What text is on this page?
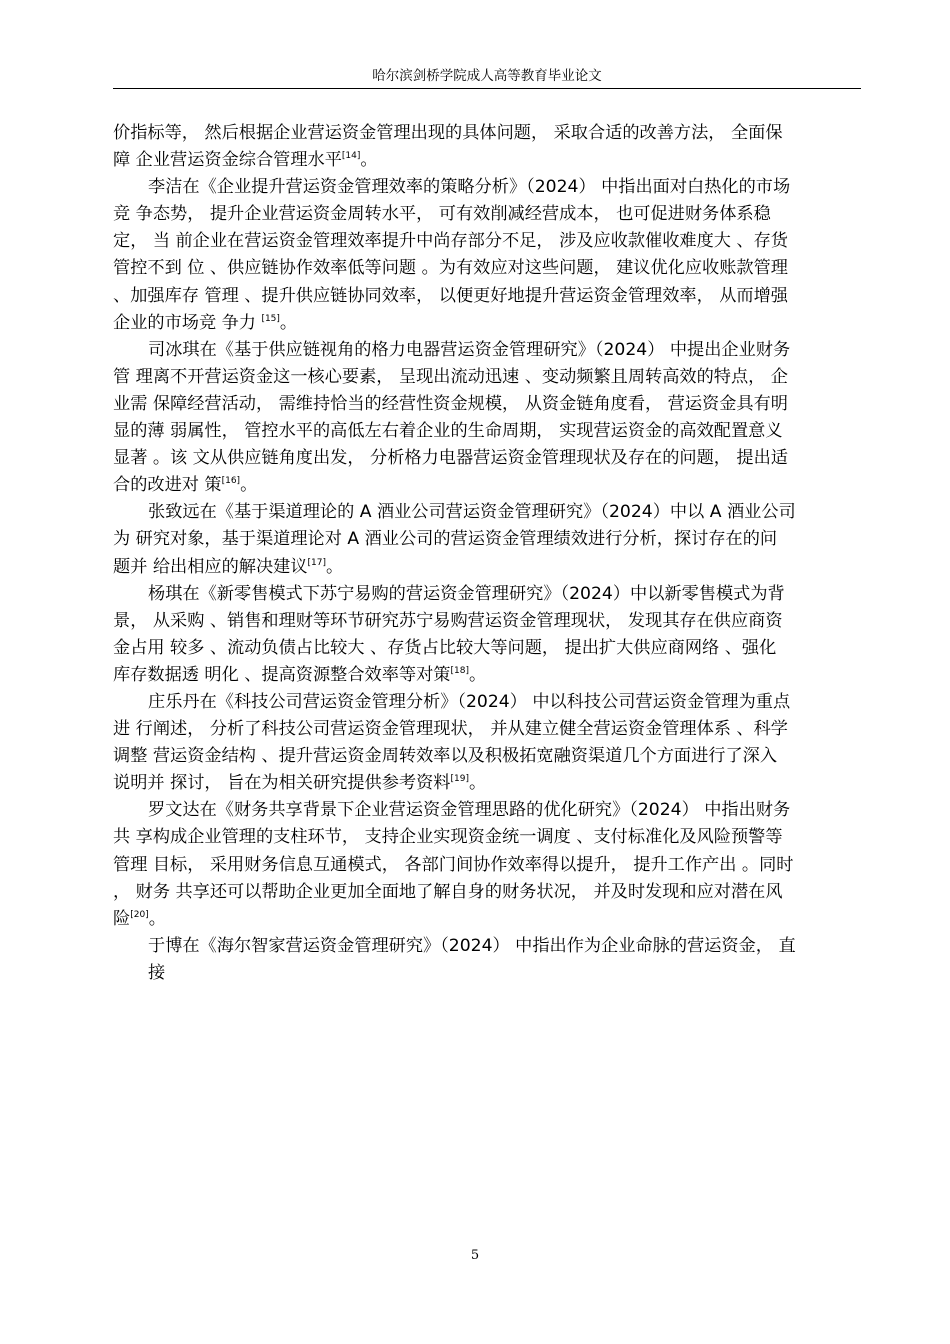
哈尔滨剑桥学院成人高等教育毕业论文

价指标等， 然后根据企业营运资金管理出现的具体问题， 采取合适的改善方法， 全面保
障 企业营运资金综合管理水平[14]。

李洁在《企业提升营运资金管理效率的策略分析》（2024） 中指出面对白热化的市场
竞 争态势， 提升企业营运资金周转水平， 可有效削减经营成本， 也可促进财务体系稳
定， 当 前企业在营运资金管理效率提升中尚存部分不足， 涉及应收款催收难度大 、存货
管控不到 位 、供应链协作效率低等问题 。为有效应对这些问题， 建议优化应收账款管理
、加强库存 管理 、提升供应链协同效率， 以便更好地提升营运资金管理效率， 从而增强
企业的市场竞 争力 [15]。

司冰琪在《基于供应链视角的格力电器营运资金管理研究》（2024） 中提出企业财务
管 理离不开营运资金这一核心要素， 呈现出流动迅速 、变动频繁且周转高效的特点， 企
业需 保障经营活动， 需维持恰当的经营性资金规模， 从资金链角度看， 营运资金具有明
显的薄 弱属性， 管控水平的高低左右着企业的生命周期， 实现营运资金的高效配置意义
显著 。该 文从供应链角度出发， 分析格力电器营运资金管理现状及存在的问题， 提出适
合的改进对 策[16]。

张致远在《基于渠道理论的 A 酒业公司营运资金管理研究》（2024）中以 A 酒业公司
为 研究对象，基于渠道理论对 A 酒业公司的营运资金管理绩效进行分析，探讨存在的问
题并 给出相应的解决建议[17]。

杨琪在《新零售模式下苏宁易购的营运资金管理研究》（2024）中以新零售模式为背
景， 从采购 、销售和理财等环节研究苏宁易购营运资金管理现状， 发现其存在供应商资
金占用 较多 、流动负债占比较大 、存货占比较大等问题， 提出扩大供应商网络 、强化
库存数据透 明化 、提高资源整合效率等对策[18]。

庄乐丹在《科技公司营运资金管理分析》（2024） 中以科技公司营运资金管理为重点
进 行阐述， 分析了科技公司营运资金管理现状， 并从建立健全营运资金管理体系 、科学
调整 营运资金结构 、提升营运资金周转效率以及积极拓宽融资渠道几个方面进行了深入
说明并 探讨， 旨在为相关研究提供参考资料[19]。

罗文达在《财务共享背景下企业营运资金管理思路的优化研究》（2024） 中指出财务
共 享构成企业管理的支柱环节， 支持企业实现资金统一调度 、支付标准化及风险预警等
管理 目标， 采用财务信息互通模式， 各部门间协作效率得以提升， 提升工作产出 。同时
， 财务 共享还可以帮助企业更加全面地了解自身的财务状况， 并及时发现和应对潜在风
险[20]。

于博在《海尔智家营运资金管理研究》（2024） 中指出作为企业命脉的营运资金， 直
接

5
